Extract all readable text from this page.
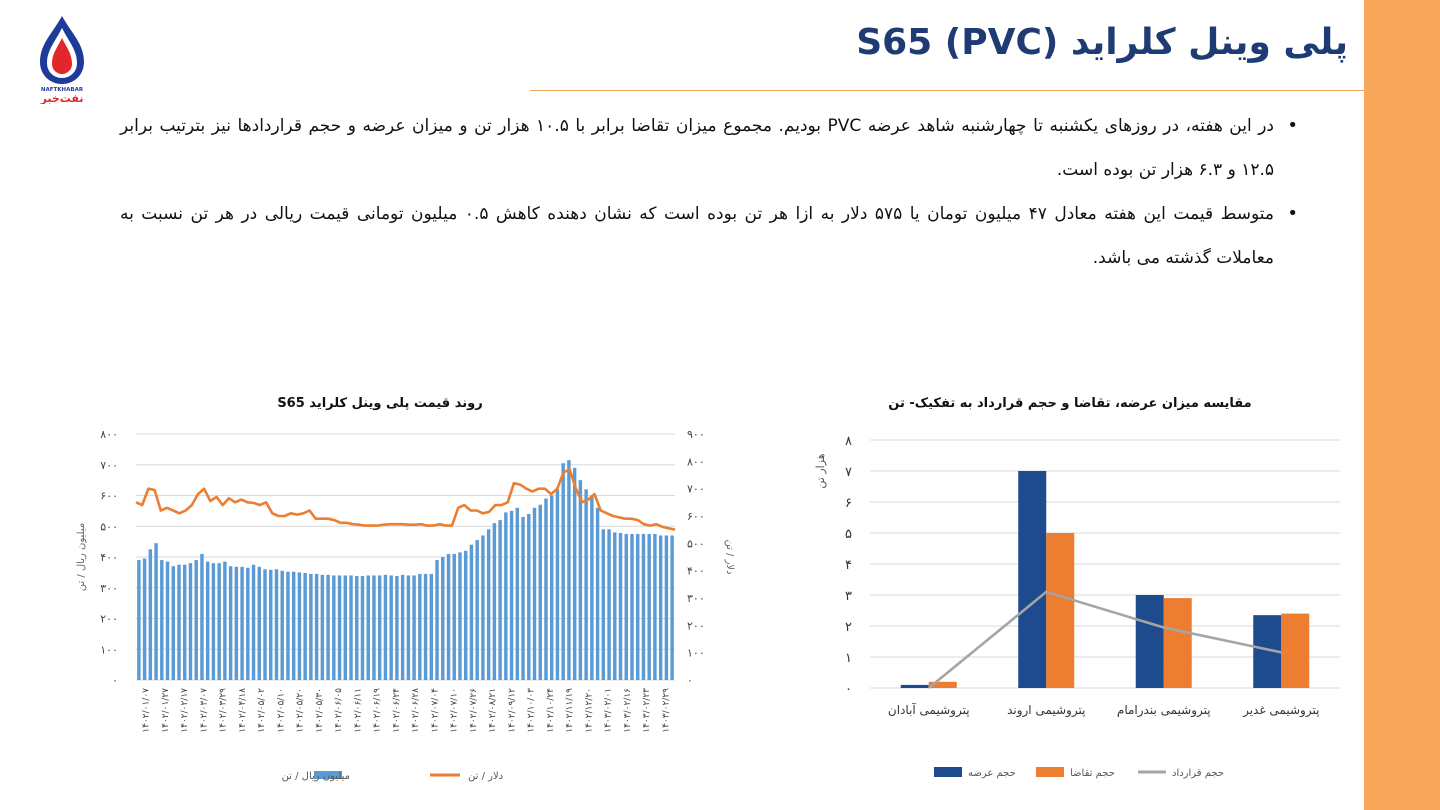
NAFTKHABAR
نفت‌خبر
پلی وینل کلراید (PVC) S65
• در این هفته، در روزهای یکشنبه تا چهارشنبه شاهد عرضه PVC بودیم. مجموع میزان تقاضا برابر با ۱۰.۵ هزار تن و میزان عرضه و حجم قراردادها نیز بترتیب برابر ۱۲.۵ و ۶.۳ هزار تن بوده است.
• متوسط قیمت این هفته معادل ۴۷ میلیون تومان یا ۵۷۵ دلار به ازا هر تن بوده است که نشان دهنده کاهش ۰.۵ میلیون تومانی قیمت ریالی در هر تن نسبت به معاملات گذشته می باشد.
روند قیمت پلی وینل کلراید S65
۰
۱۰۰
۲۰۰
۳۰۰
۴۰۰
۵۰۰
۶۰۰
۷۰۰
۸۰۰
۰
۱۰۰
۲۰۰
۳۰۰
۴۰۰
۵۰۰
۶۰۰
۷۰۰
۸۰۰
۹۰۰
میلیون ریال / تن	دلار / تن
۱۴۰۲/۰۱/۰۷ ۱۴۰۲/۰۱/۲۷ ۱۴۰۲/۰۲/۱۷ ۱۴۰۲/۰۳/۰۷ ۱۴۰۲/۰۳/۲۹ ۱۴۰۲/۰۴/۱۸ ۱۴۰۲/۰۵/۰۲ ۱۴۰۲/۰۵/۱۰ ۱۴۰۲/۰۵/۲۰ ۱۴۰۲/۰۵/۳۰ ۱۴۰۲/۰۶/۰۵ ۱۴۰۲/۰۶/۱۱ ۱۴۰۲/۰۶/۱۹ ۱۴۰۲/۰۶/۲۴ ۱۴۰۲/۰۶/۲۸ ۱۴۰۲/۰۷/۰۴ ۱۴۰۲/۰۷/۱۰ ۱۴۰۲/۰۷/۲۶ ۱۴۰۲/۰۸/۲۱ ۱۴۰۲/۰۹/۱۲ ۱۴۰۲/۱۰/۰۳ ۱۴۰۲/۱۰/۲۴ ۱۴۰۲/۱۱/۱۹ ۱۴۰۲/۱۲/۲۰ ۱۴۰۳/۰۲/۰۱ ۱۴۰۳/۰۲/۱۶ ۱۴۰۳/۰۲/۲۳ ۱۴۰۳/۰۲/۲۹
میلیون ریال / تن	دلار / تن
مقایسه میزان عرضه، تقاضا و حجم قرارداد به تفکیک- تن
۰
۱
۲
۳
۴
۵
۶
۷
۸
هزار تن
پتروشیمی آبادان	پتروشیمی اروند	پتروشیمی بندرامام	پتروشیمی غدیر
حجم عرضه	حجم تقاضا	حجم قرارداد
